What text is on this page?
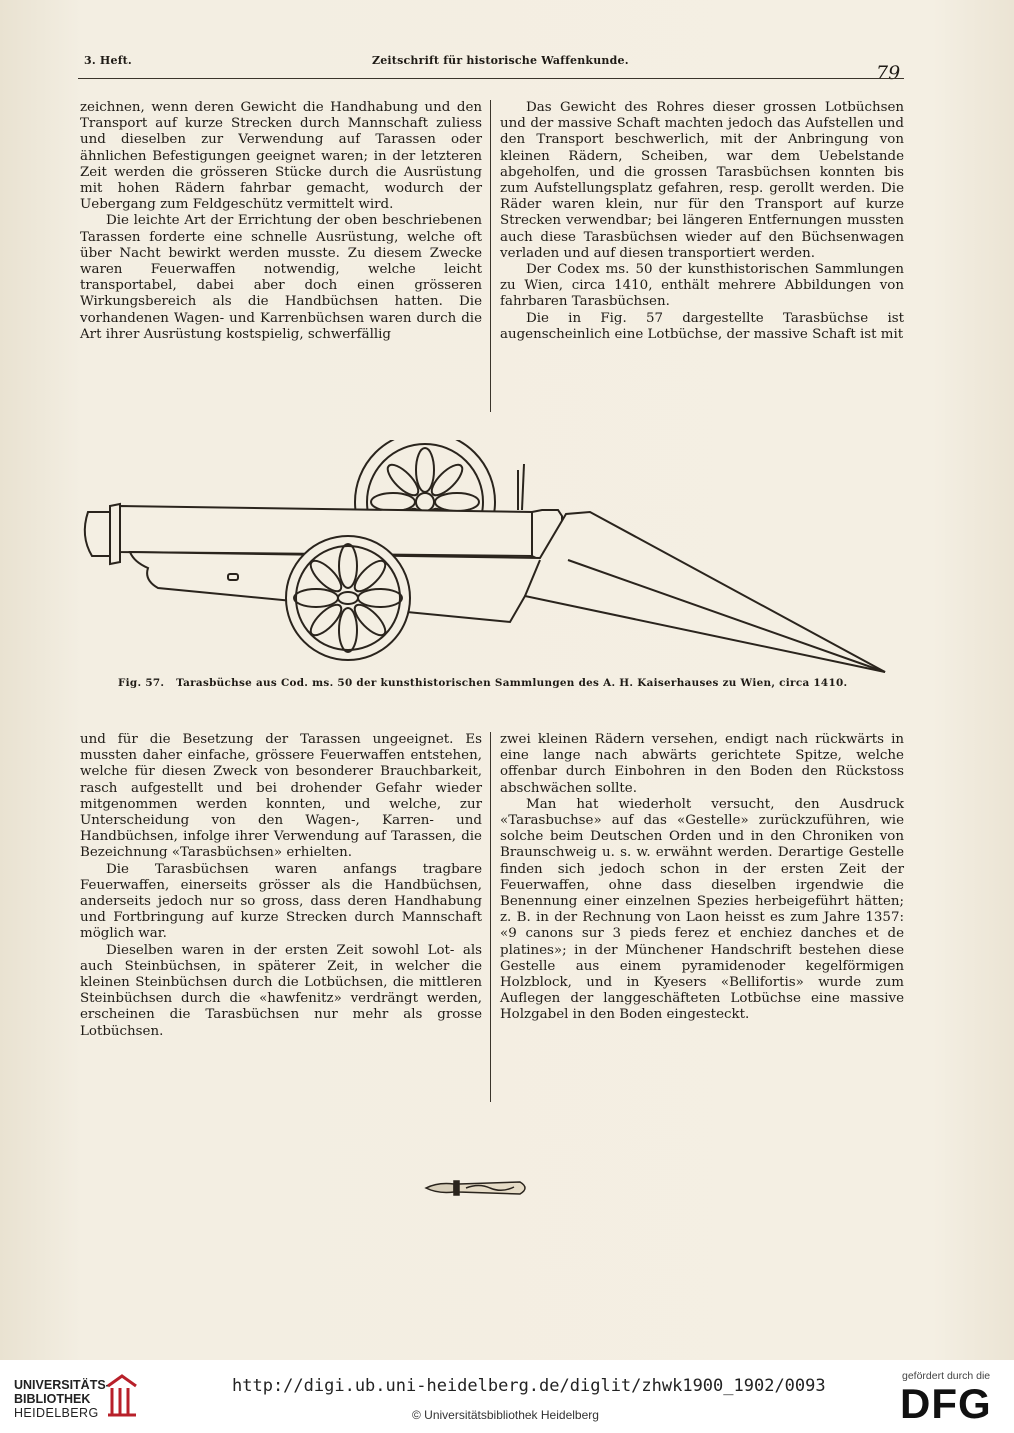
3. Heft.	Zeitschrift für historische Waffenkunde.
79

zeichnen, wenn deren Gewicht die Handhabung und den Transport auf kurze Strecken durch Mannschaft zuliess und dieselben zur Verwendung auf Tarassen oder ähnlichen Befestigungen geeignet waren; in der letzteren Zeit werden die grösseren Stücke durch die Ausrüstung mit hohen Rädern fahrbar gemacht, wodurch der Uebergang zum Feldgeschütz vermittelt wird.

Die leichte Art der Errichtung der oben beschriebenen Tarassen forderte eine schnelle Ausrüstung, welche oft über Nacht bewirkt werden musste. Zu diesem Zwecke waren Feuerwaffen notwendig, welche leicht transportabel, dabei aber doch einen grösseren Wirkungsbereich als die Handbüchsen hatten. Die vorhandenen Wagen- und Karrenbüchsen waren durch die Art ihrer Ausrüstung kostspielig, schwerfällig

Das Gewicht des Rohres dieser grossen Lotbüchsen und der massive Schaft machten jedoch das Aufstellen und den Transport beschwerlich, mit der Anbringung von kleinen Rädern, Scheiben, war dem Uebelstande abgeholfen, und die grossen Tarasbüchsen konnten bis zum Aufstellungsplatz gefahren, resp. gerollt werden. Die Räder waren klein, nur für den Transport auf kurze Strecken verwendbar; bei längeren Entfernungen mussten auch diese Tarasbüchsen wieder auf den Büchsenwagen verladen und auf diesen transportiert werden.

Der Codex ms. 50 der kunsthistorischen Sammlungen zu Wien, circa 1410, enthält mehrere Abbildungen von fahrbaren Tarasbüchsen.

Die in Fig. 57 dargestellte Tarasbüchse ist augenscheinlich eine Lotbüchse, der massive Schaft ist mit

Fig. 57. Tarasbüchse aus Cod. ms. 50 der kunsthistorischen Sammlungen des A. H. Kaiserhauses zu Wien, circa 1410.

und für die Besetzung der Tarassen ungeeignet. Es mussten daher einfache, grössere Feuerwaffen entstehen, welche für diesen Zweck von besonderer Brauchbarkeit, rasch aufgestellt und bei drohender Gefahr wieder mitgenommen werden konnten, und welche, zur Unterscheidung von den Wagen-, Karren- und Handbüchsen, infolge ihrer Verwendung auf Tarassen, die Bezeichnung «Tarasbüchsen» erhielten.

Die Tarasbüchsen waren anfangs tragbare Feuerwaffen, einerseits grösser als die Handbüchsen, anderseits jedoch nur so gross, dass deren Handhabung und Fortbringung auf kurze Strecken durch Mannschaft möglich war.

Dieselben waren in der ersten Zeit sowohl Lot- als auch Steinbüchsen, in späterer Zeit, in welcher die kleinen Steinbüchsen durch die Lotbüchsen, die mittleren Steinbüchsen durch die «hawfenitz» verdrängt werden, erscheinen die Tarasbüchsen nur mehr als grosse Lotbüchsen.

zwei kleinen Rädern versehen, endigt nach rückwärts in eine lange nach abwärts gerichtete Spitze, welche offenbar durch Einbohren in den Boden den Rückstoss abschwächen sollte.

Man hat wiederholt versucht, den Ausdruck «Tarasbuchse» auf das «Gestelle» zurückzuführen, wie solche beim Deutschen Orden und in den Chroniken von Braunschweig u. s. w. erwähnt werden. Derartige Gestelle finden sich jedoch schon in der ersten Zeit der Feuerwaffen, ohne dass dieselben irgendwie die Benennung einer einzelnen Spezies herbeigeführt hätten; z. B. in der Rechnung von Laon heisst es zum Jahre 1357: «9 canons sur 3 pieds ferez et enchiez danches et de platines»; in der Münchener Handschrift bestehen diese Gestelle aus einem pyramidenoder kegelförmigen Holzblock, und in Kyesers «Bellifortis» wurde zum Auflegen der langgeschäfteten Lotbüchse eine massive Holzgabel in den Boden eingesteckt.

UNIVERSITÄTS-
BIBLIOTHEK
HEIDELBERG
http://digi.ub.uni-heidelberg.de/diglit/zhwk1900_1902/0093
© Universitätsbibliothek Heidelberg
gefördert durch die
DFG
